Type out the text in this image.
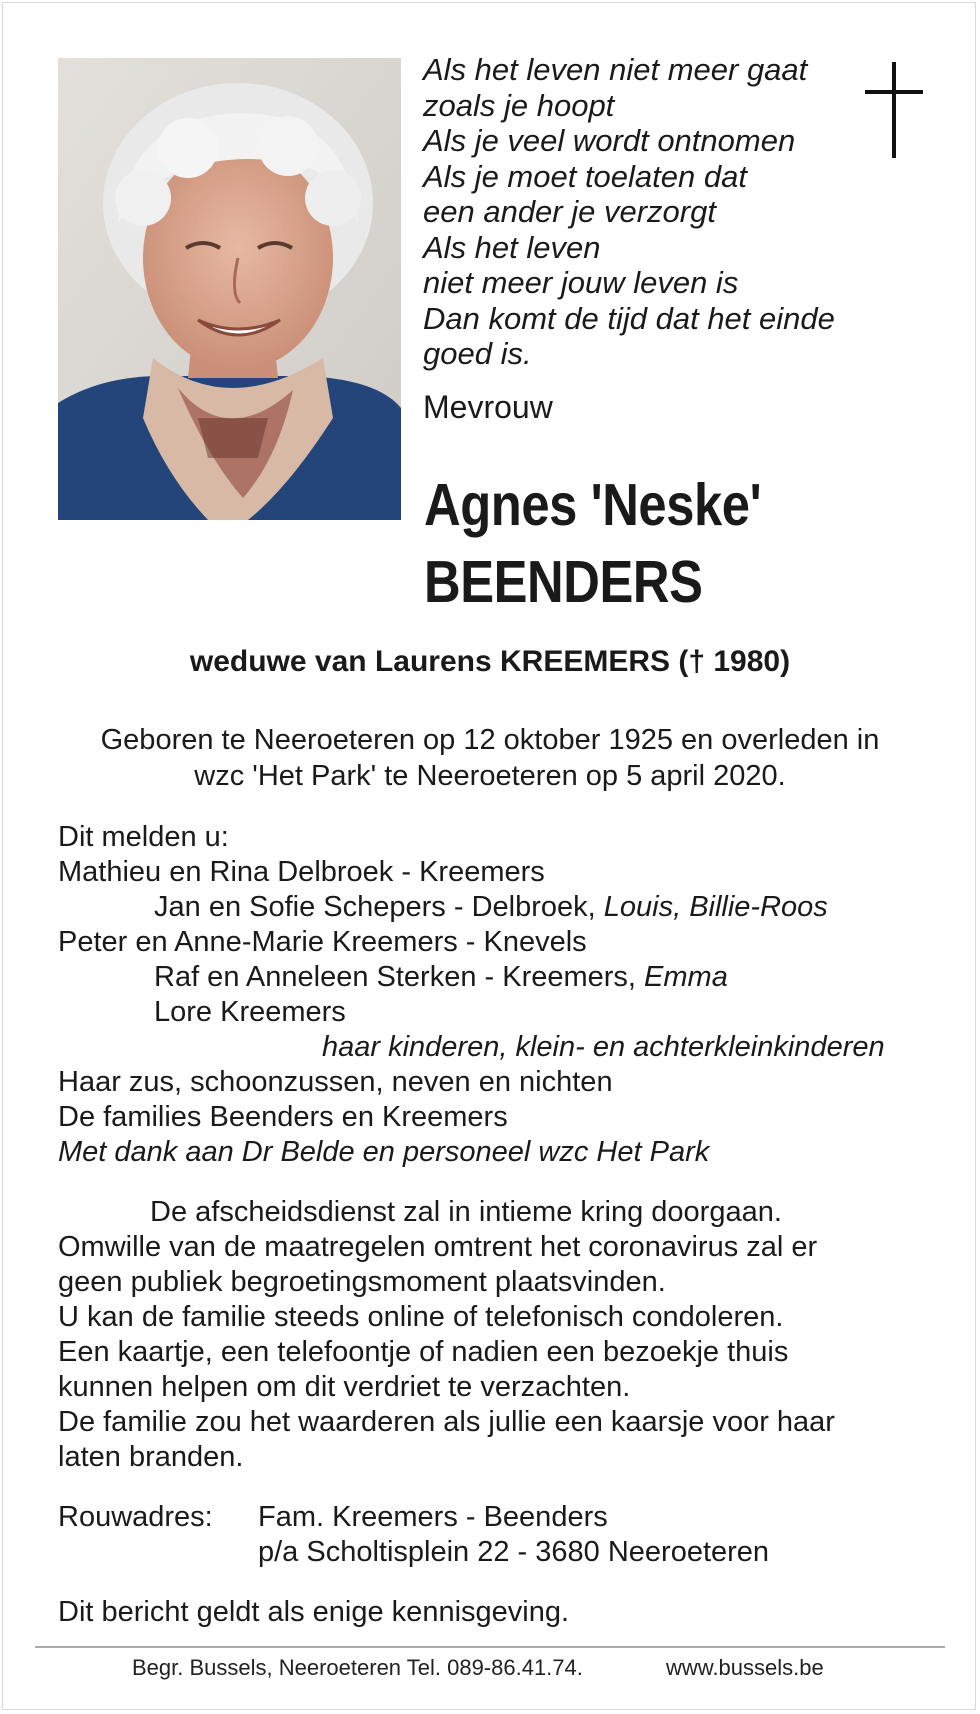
Als het leven niet meer gaat
zoals je hoopt
Als je veel wordt ontnomen
Als je moet toelaten dat
een ander je verzorgt
Als het leven
niet meer jouw leven is
Dan komt de tijd dat het einde
goed is.
Mevrouw
Agnes 'Neske'
BEENDERS
weduwe van Laurens KREEMERS († 1980)
Geboren te Neeroeteren op 12 oktober 1925 en overleden in
wzc 'Het Park' te Neeroeteren op 5 april 2020.
Dit melden u:
Mathieu en Rina Delbroek - Kreemers
Jan en Sofie Schepers - Delbroek, Louis, Billie-Roos
Peter en Anne-Marie Kreemers - Knevels
Raf en Anneleen Sterken - Kreemers, Emma
Lore Kreemers
haar kinderen, klein- en achterkleinkinderen
Haar zus, schoonzussen, neven en nichten
De families Beenders en Kreemers
Met dank aan Dr Belde en personeel wzc Het Park
De afscheidsdienst zal in intieme kring doorgaan.
Omwille van de maatregelen omtrent het coronavirus zal er
geen publiek begroetingsmoment plaatsvinden.
U kan de familie steeds online of telefonisch condoleren.
Een kaartje, een telefoontje of nadien een bezoekje thuis
kunnen helpen om dit verdriet te verzachten.
De familie zou het waarderen als jullie een kaarsje voor haar
laten branden.
Rouwadres: Fam. Kreemers - Beenders
p/a Scholtisplein 22 - 3680 Neeroeteren
Dit bericht geldt als enige kennisgeving.
Begr. Bussels, Neeroeteren Tel. 089-86.41.74.	www.bussels.be
